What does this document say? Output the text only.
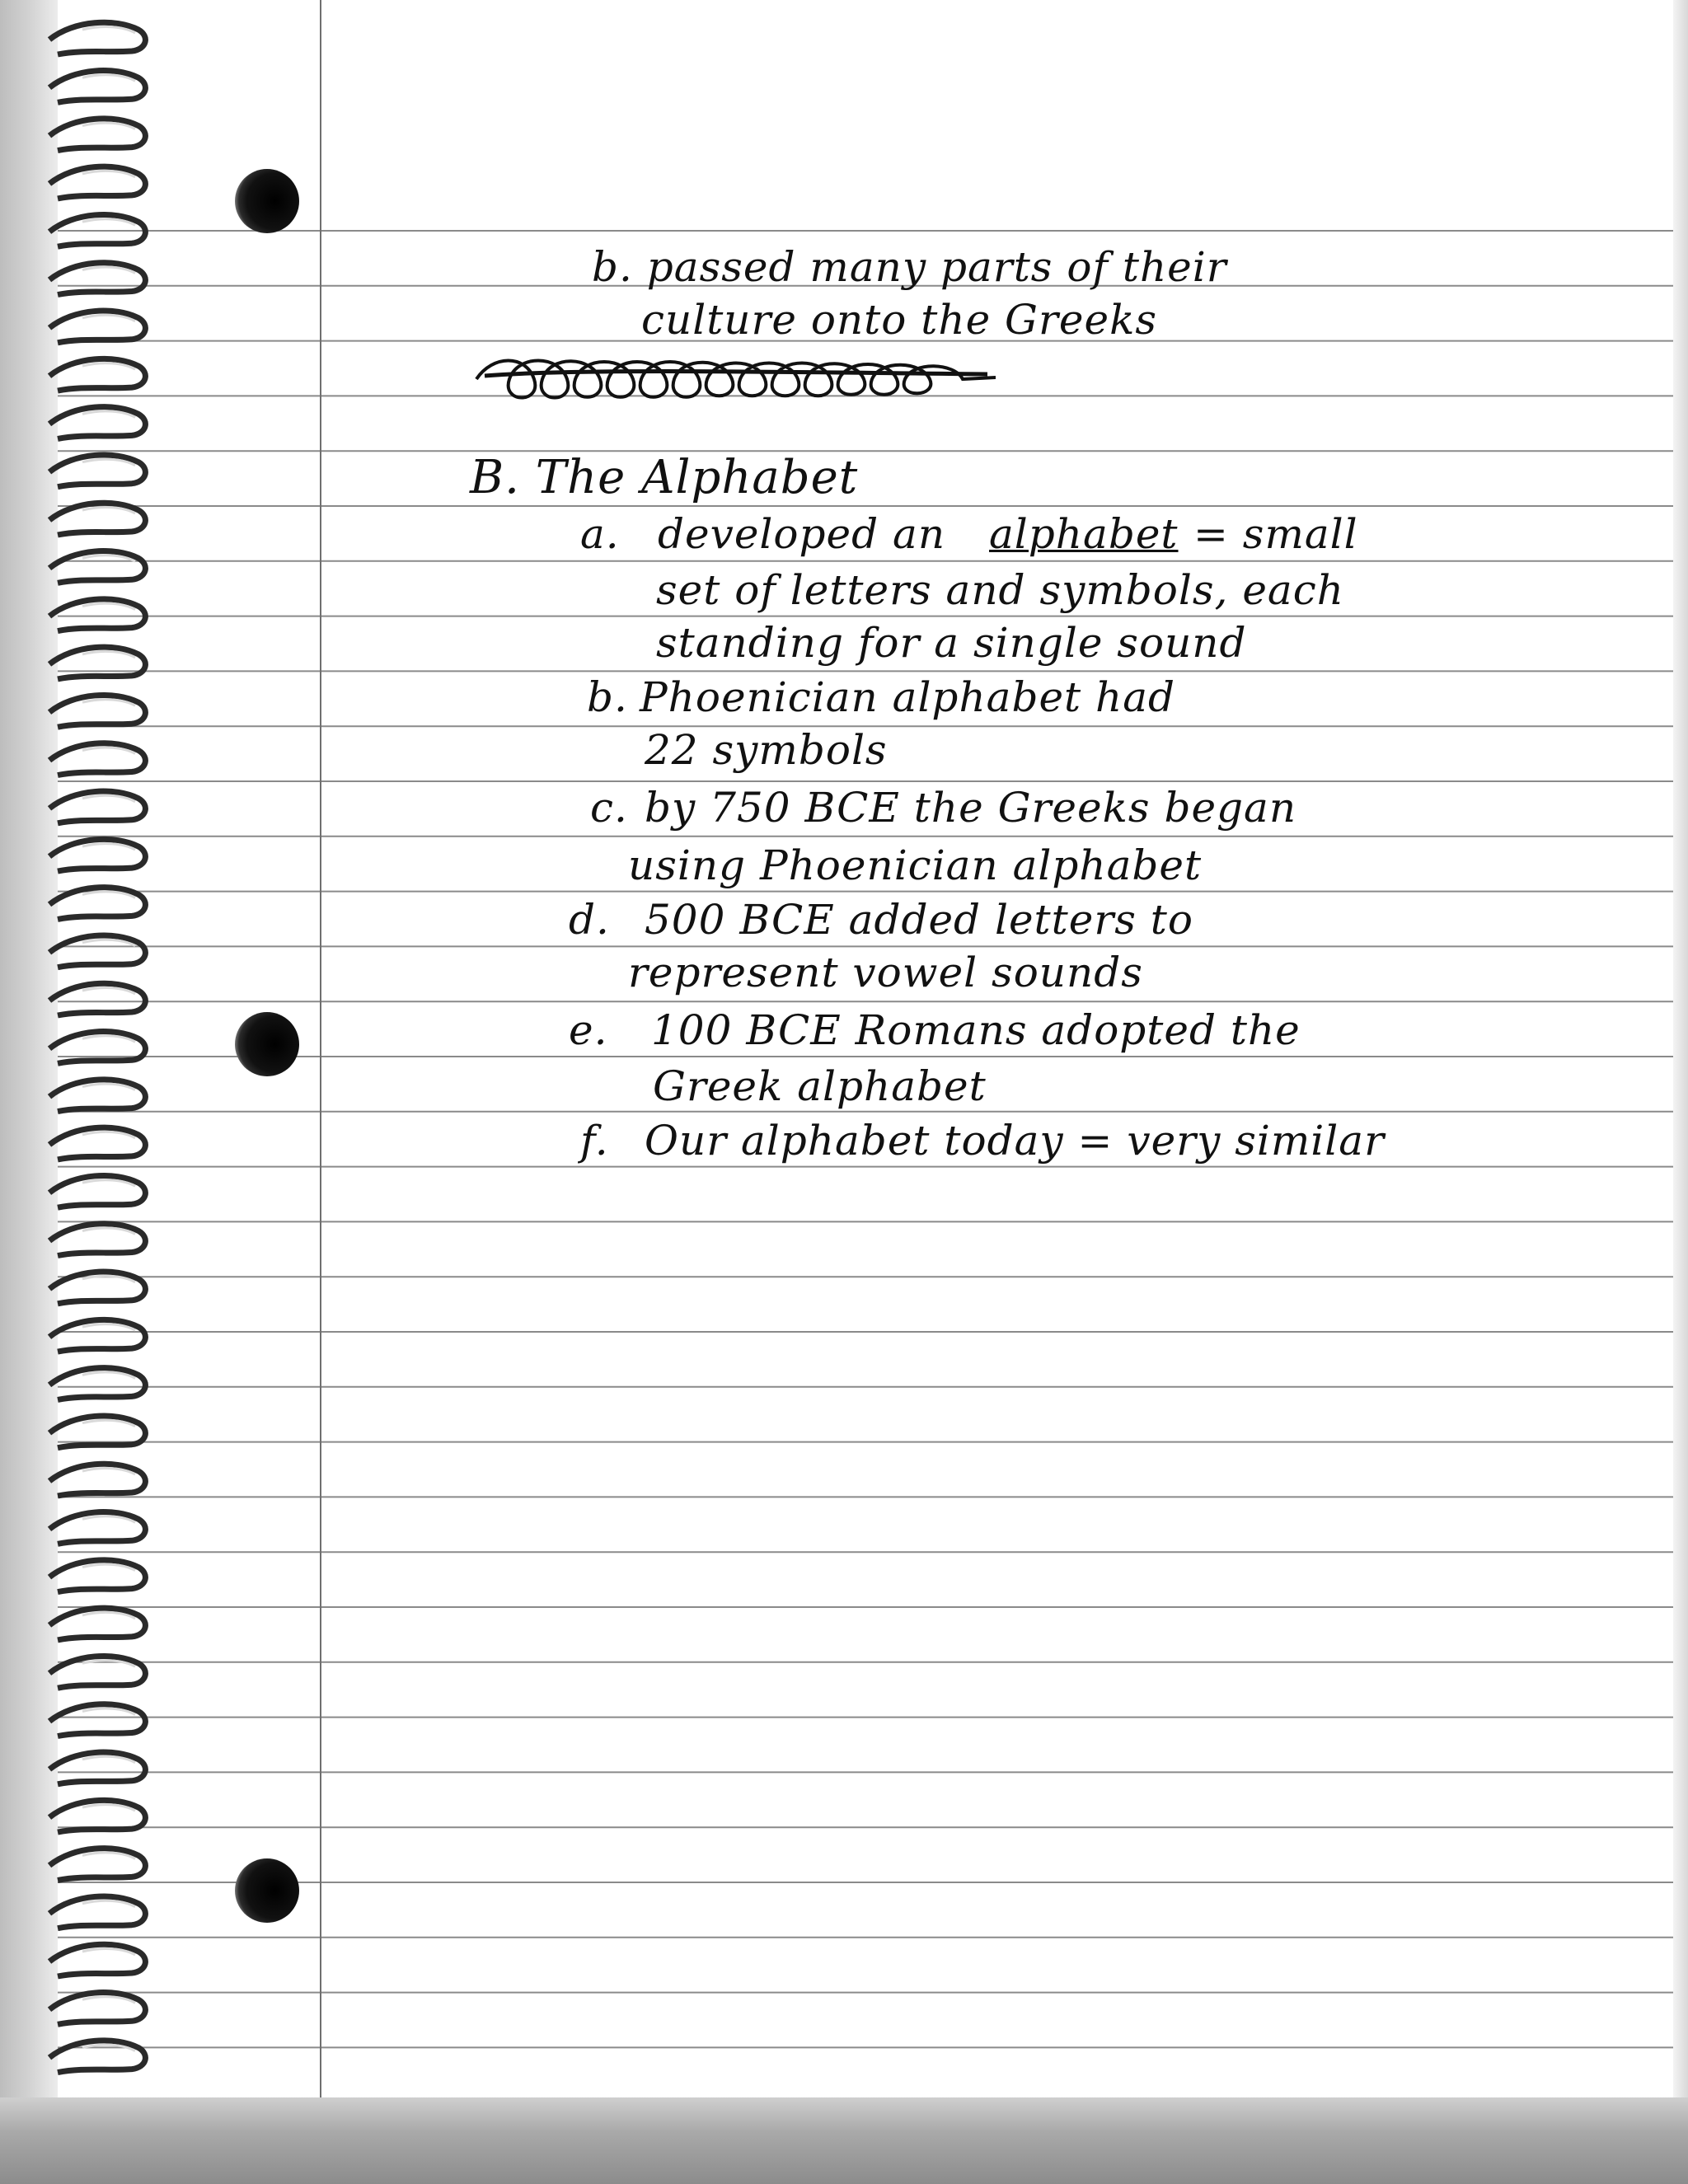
b. passed many parts of their
culture onto the Greeks
B. The Alphabet
a. developed an alphabet = small
set of letters and symbols, each
standing for a single sound
b. Phoenician alphabet had
22 symbols
c. by 750 BCE the Greeks began
using Phoenician alphabet
d. 500 BCE added letters to
represent vowel sounds
e. 100 BCE Romans adopted the
Greek alphabet
f. Our alphabet today = very similar
